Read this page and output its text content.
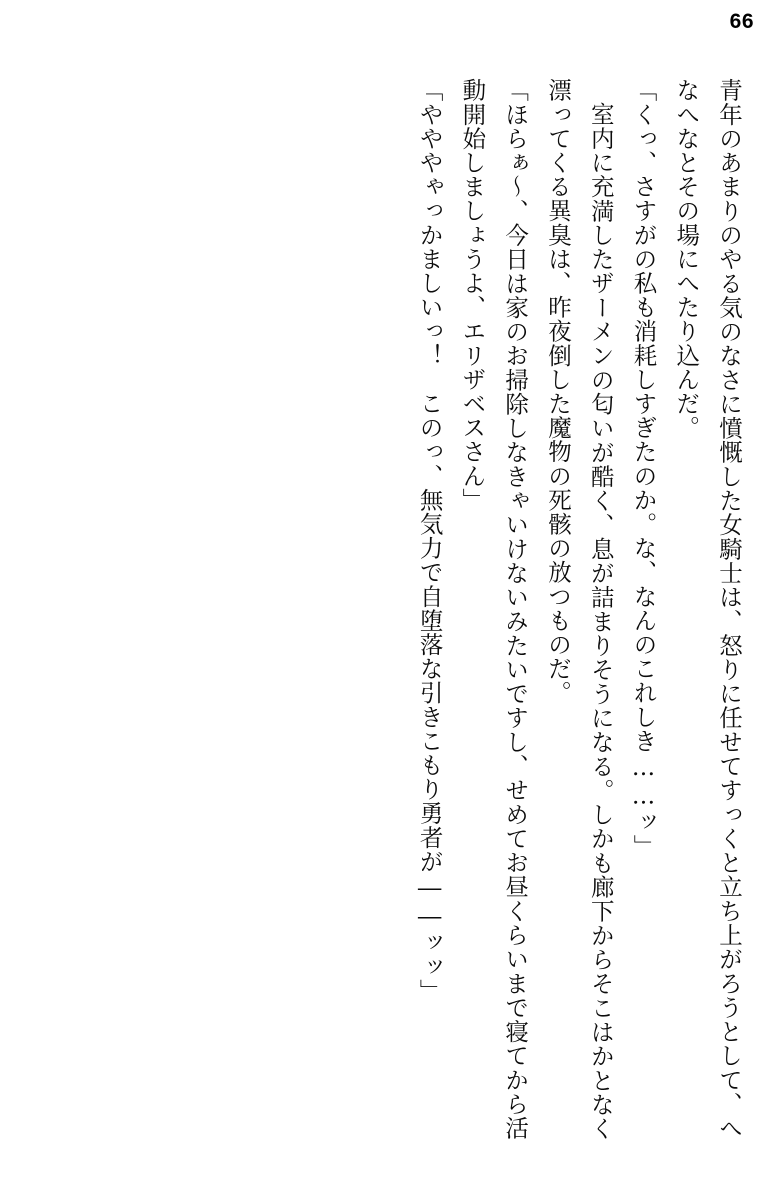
66

青年のあまりのやる気のなさに憤慨した女騎士は、怒りに任せてすっくと立ち上がろうとして、へなへなとその場にへたり込んだ。

「くっ、さすがの私も消耗しすぎたのか。な、なんのこれしき……ッ」

室内に充満したザーメンの匂いが酷く、息が詰まりそうになる。しかも廊下からそこはかとなく漂ってくる異臭は、昨夜倒した魔物の死骸の放つものだ。

「ほらぁ～、今日は家のお掃除しなきゃいけないみたいですし、せめてお昼くらいまで寝てから活動開始しましょうよ、エリザベスさん」

「やややゃっかましいっ！　このっ、無気力で自堕落な引きこもり勇者が――ッッ」
